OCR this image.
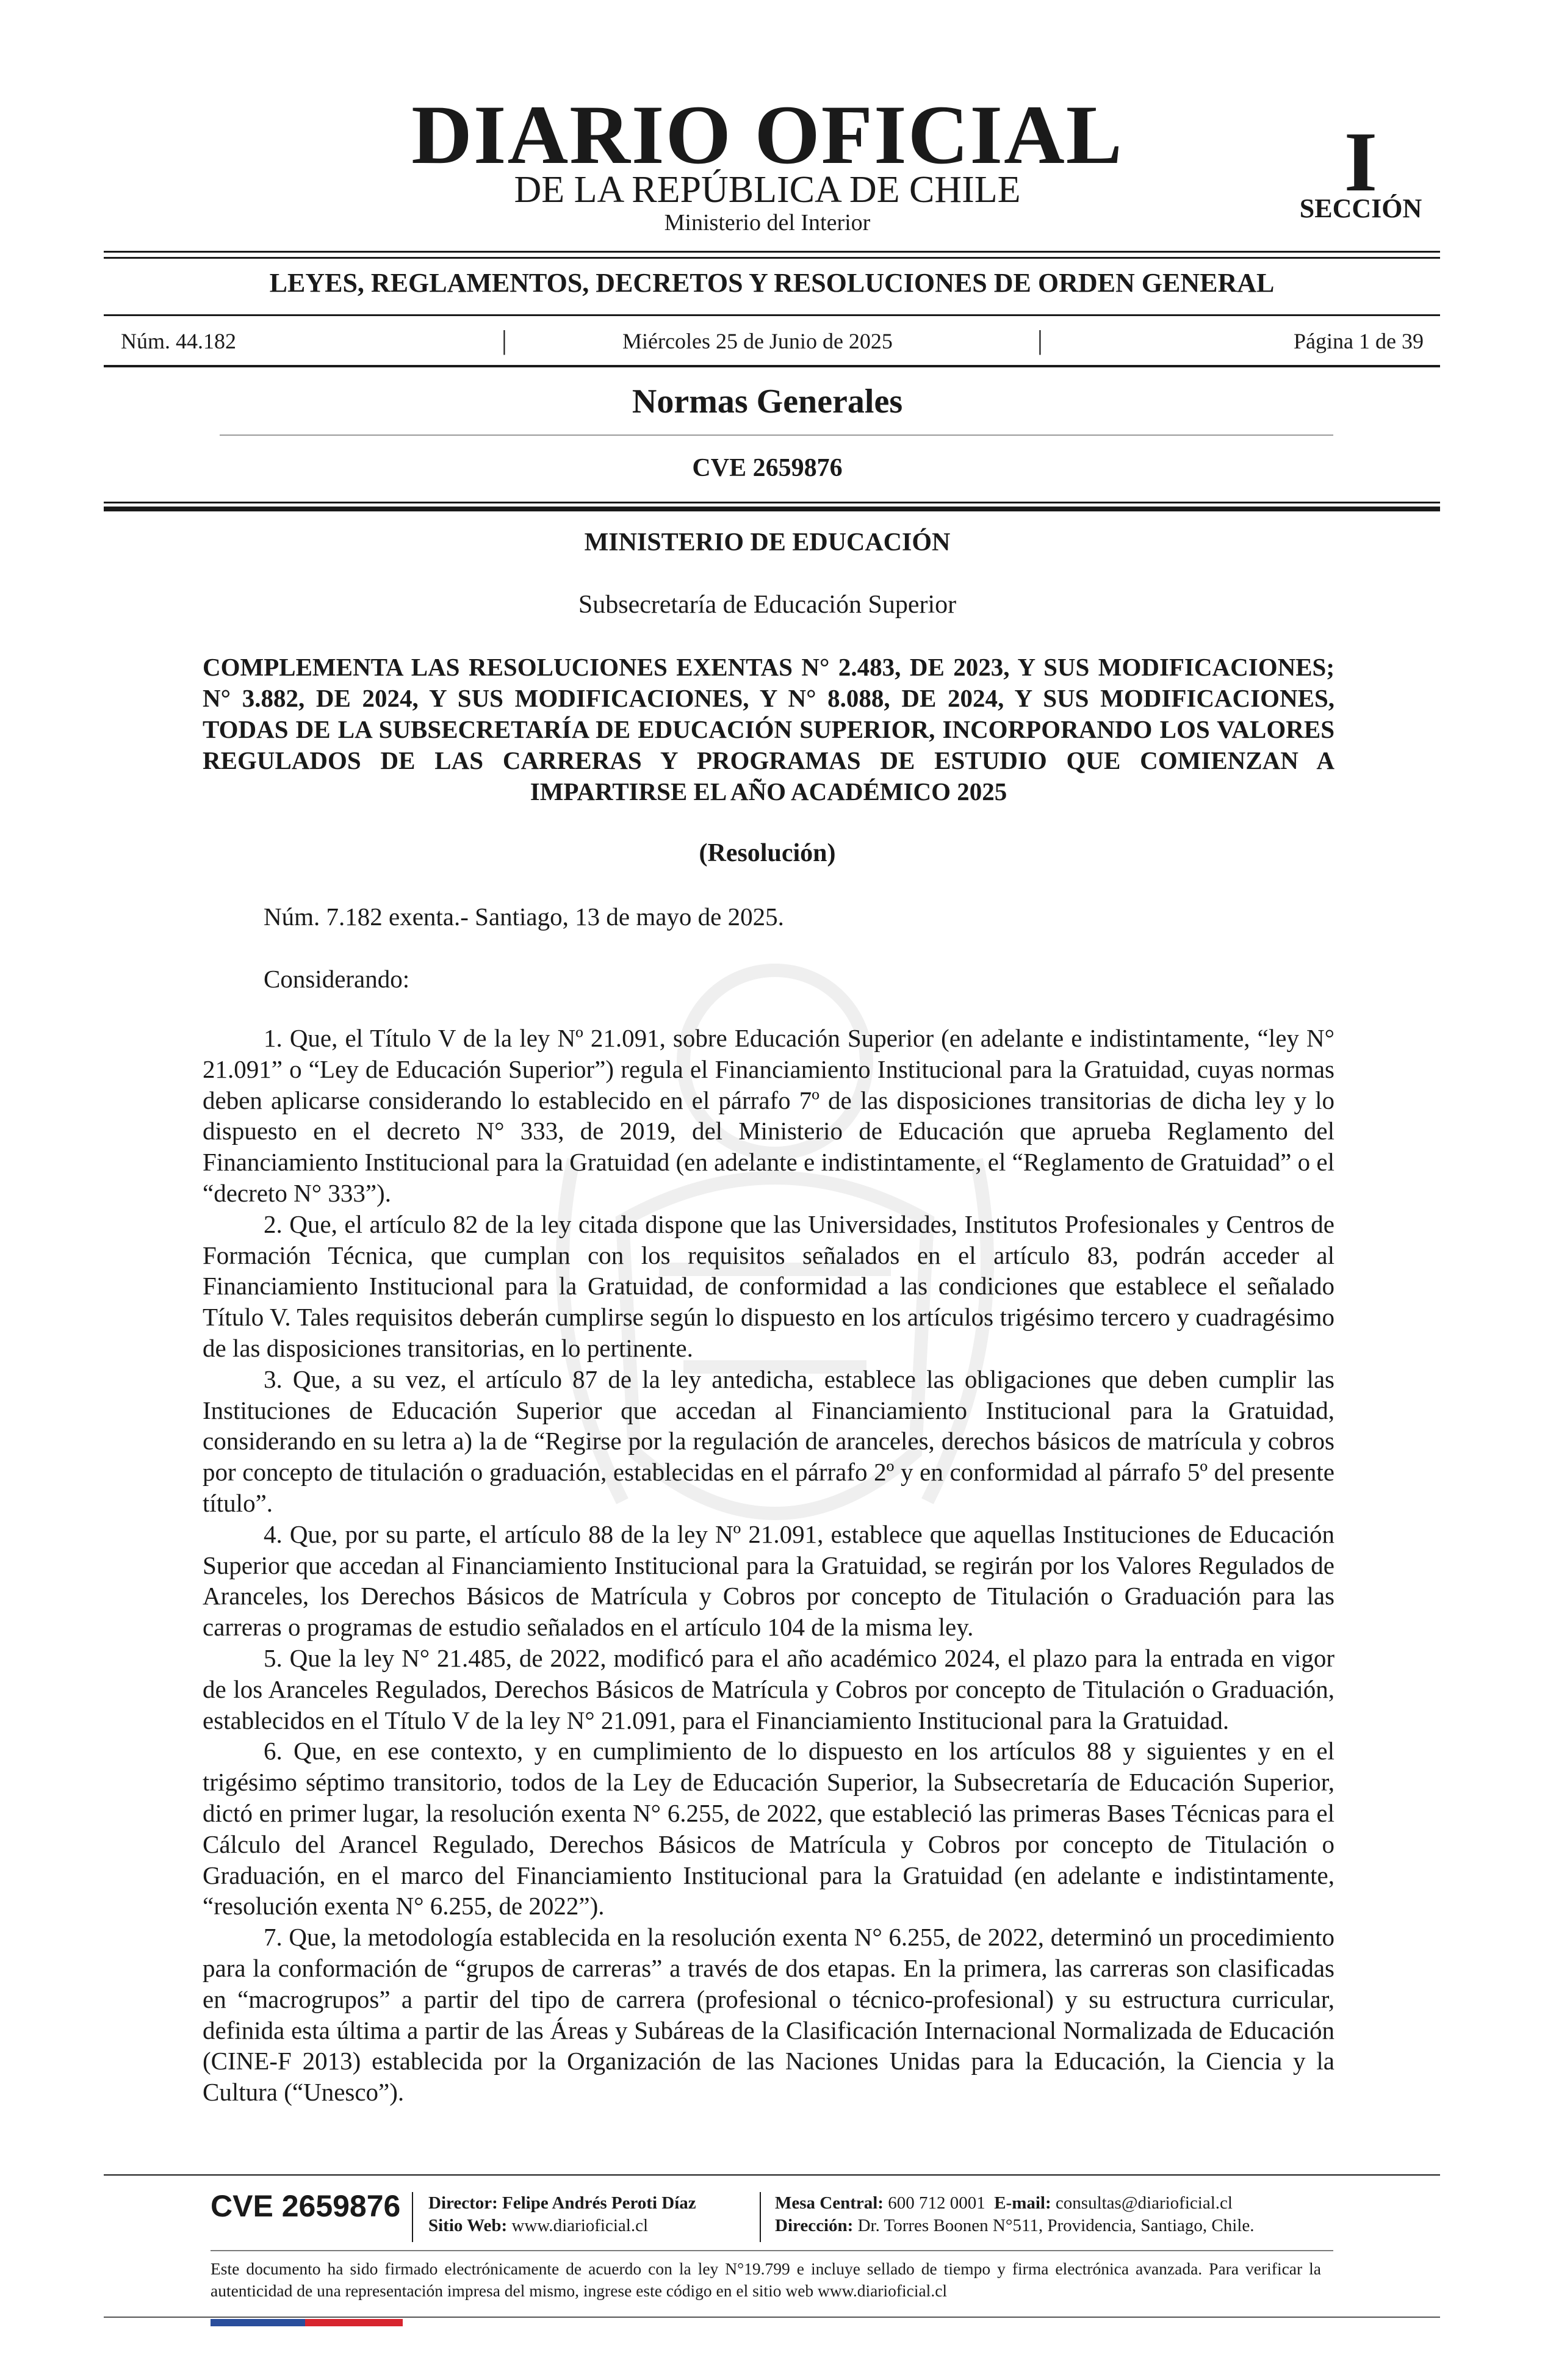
DIARIO OFICIAL
DE LA REPÚBLICA DE CHILE
Ministerio del Interior
I
SECCIÓN
LEYES, REGLAMENTOS, DECRETOS Y RESOLUCIONES DE ORDEN GENERAL
Núm. 44.182	|	Miércoles 25 de Junio de 2025	|	Página 1 de 39
Normas Generales
CVE 2659876
MINISTERIO DE EDUCACIÓN
Subsecretaría de Educación Superior
COMPLEMENTA LAS RESOLUCIONES EXENTAS N° 2.483, DE 2023, Y SUS MODIFICACIONES; N° 3.882, DE 2024, Y SUS MODIFICACIONES, Y N° 8.088, DE 2024, Y SUS MODIFICACIONES, TODAS DE LA SUBSECRETARÍA DE EDUCACIÓN SUPERIOR, INCORPORANDO LOS VALORES REGULADOS DE LAS CARRERAS Y PROGRAMAS DE ESTUDIO QUE COMIENZAN A IMPARTIRSE EL AÑO ACADÉMICO 2025
(Resolución)
Núm. 7.182 exenta.- Santiago, 13 de mayo de 2025.
Considerando:

1. Que, el Título V de la ley Nº 21.091, sobre Educación Superior (en adelante e indistintamente, “ley N° 21.091” o “Ley de Educación Superior”) regula el Financiamiento Institucional para la Gratuidad, cuyas normas deben aplicarse considerando lo establecido en el párrafo 7º de las disposiciones transitorias de dicha ley y lo dispuesto en el decreto N° 333, de 2019, del Ministerio de Educación que aprueba Reglamento del Financiamiento Institucional para la Gratuidad (en adelante e indistintamente, el “Reglamento de Gratuidad” o el “decreto N° 333”).

2. Que, el artículo 82 de la ley citada dispone que las Universidades, Institutos Profesionales y Centros de Formación Técnica, que cumplan con los requisitos señalados en el artículo 83, podrán acceder al Financiamiento Institucional para la Gratuidad, de conformidad a las condiciones que establece el señalado Título V. Tales requisitos deberán cumplirse según lo dispuesto en los artículos trigésimo tercero y cuadragésimo de las disposiciones transitorias, en lo pertinente.

3. Que, a su vez, el artículo 87 de la ley antedicha, establece las obligaciones que deben cumplir las Instituciones de Educación Superior que accedan al Financiamiento Institucional para la Gratuidad, considerando en su letra a) la de “Regirse por la regulación de aranceles, derechos básicos de matrícula y cobros por concepto de titulación o graduación, establecidas en el párrafo 2º y en conformidad al párrafo 5º del presente título”.

4. Que, por su parte, el artículo 88 de la ley Nº 21.091, establece que aquellas Instituciones de Educación Superior que accedan al Financiamiento Institucional para la Gratuidad, se regirán por los Valores Regulados de Aranceles, los Derechos Básicos de Matrícula y Cobros por concepto de Titulación o Graduación para las carreras o programas de estudio señalados en el artículo 104 de la misma ley.

5. Que la ley N° 21.485, de 2022, modificó para el año académico 2024, el plazo para la entrada en vigor de los Aranceles Regulados, Derechos Básicos de Matrícula y Cobros por concepto de Titulación o Graduación, establecidos en el Título V de la ley N° 21.091, para el Financiamiento Institucional para la Gratuidad.

6. Que, en ese contexto, y en cumplimiento de lo dispuesto en los artículos 88 y siguientes y en el trigésimo séptimo transitorio, todos de la Ley de Educación Superior, la Subsecretaría de Educación Superior, dictó en primer lugar, la resolución exenta N° 6.255, de 2022, que estableció las primeras Bases Técnicas para el Cálculo del Arancel Regulado, Derechos Básicos de Matrícula y Cobros por concepto de Titulación o Graduación, en el marco del Financiamiento Institucional para la Gratuidad (en adelante e indistintamente, “resolución exenta N° 6.255, de 2022”).

7. Que, la metodología establecida en la resolución exenta N° 6.255, de 2022, determinó un procedimiento para la conformación de “grupos de carreras” a través de dos etapas. En la primera, las carreras son clasificadas en “macrogrupos” a partir del tipo de carrera (profesional o técnico-profesional) y su estructura curricular, definida esta última a partir de las Áreas y Subáreas de la Clasificación Internacional Normalizada de Educación (CINE-F 2013) establecida por la Organización de las Naciones Unidas para la Educación, la Ciencia y la Cultura (“Unesco”).

CVE 2659876 Director: Felipe Andrés Peroti Díaz
Sitio Web: www.diarioficial.cl
Mesa Central: 600 712 0001 E-mail: consultas@diarioficial.cl
Dirección: Dr. Torres Boonen N°511, Providencia, Santiago, Chile.
Este documento ha sido firmado electrónicamente de acuerdo con la ley N°19.799 e incluye sellado de tiempo y firma electrónica avanzada. Para verificar la autenticidad de una representación impresa del mismo, ingrese este código en el sitio web www.diarioficial.cl
